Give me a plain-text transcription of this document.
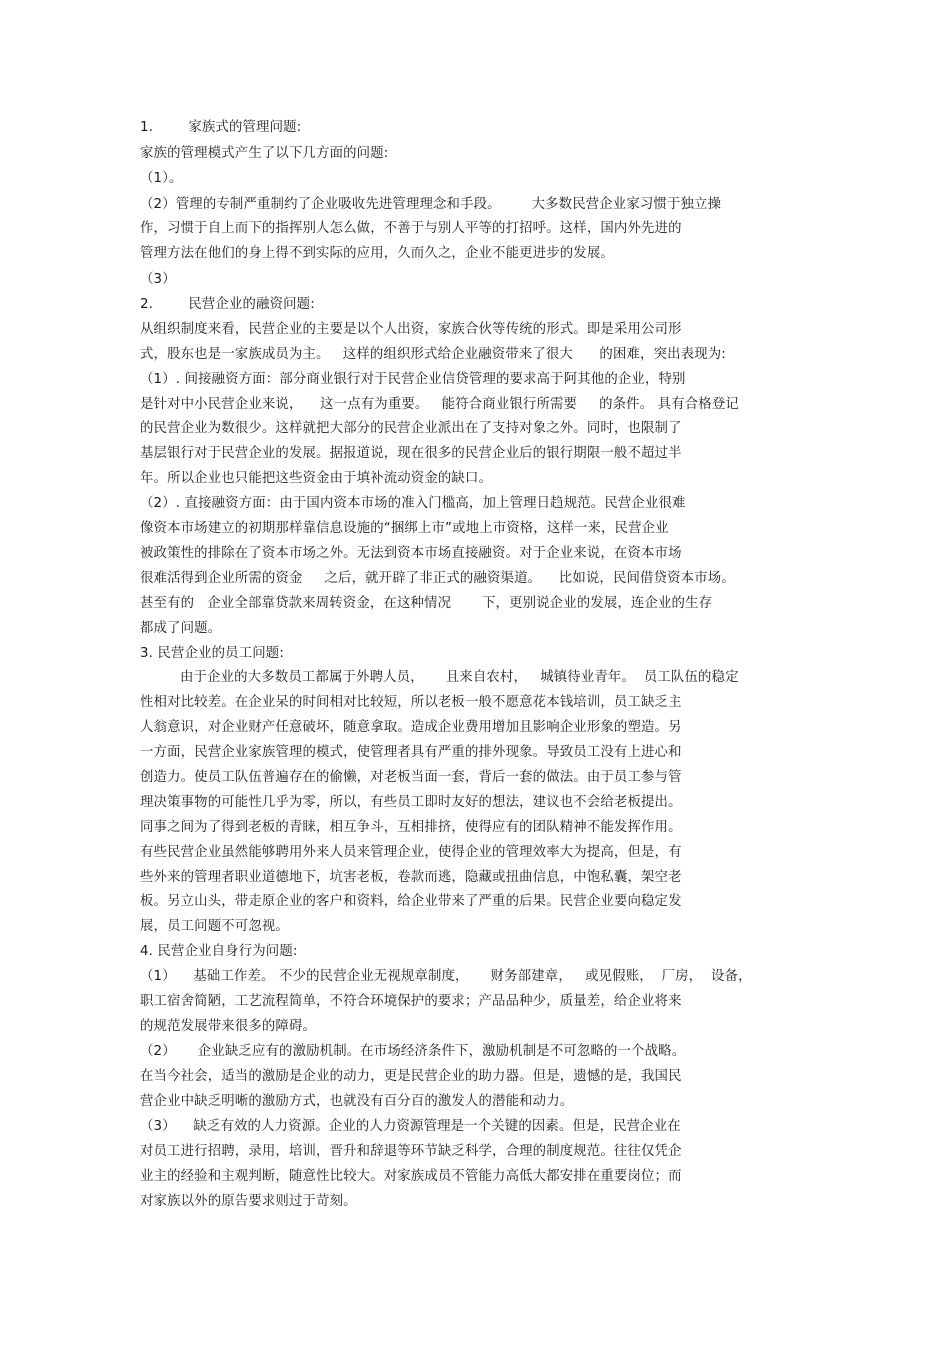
1.        家族式的管理问题:
家族的管理模式产生了以下几方面的问题:
（1）。
（2）管理的专制严重制约了企业吸收先进管理理念和手段。       大多数民营企业家习惯于独立操
作，习惯于自上而下的指挥别人怎么做，不善于与别人平等的打招呼。这样，国内外先进的
管理方法在他们的身上得不到实际的应用，久而久之，企业不能更进步的发展。
（3）
2.        民营企业的融资问题:
从组织制度来看，民营企业的主要是以个人出资，家族合伙等传统的形式。即是采用公司形
式，股东也是一家族成员为主。   这样的组织形式给企业融资带来了很大      的困难，突出表现为:
（1）. 间接融资方面：部分商业银行对于民营企业信贷管理的要求高于阿其他的企业，特别
是针对中小民营企业来说，    这一点有为重要。   能符合商业银行所需要     的条件。 具有合格登记
的民营企业为数很少。这样就把大部分的民营企业派出在了支持对象之外。同时，也限制了
基层银行对于民营企业的发展。据报道说，现在很多的民营企业后的银行期限一般不超过半
年。所以企业也只能把这些资金由于填补流动资金的缺口。
（2）. 直接融资方面：由于国内资本市场的准入门槛高，加上管理日趋规范。民营企业很难
像资本市场建立的初期那样靠信息设施的“捆绑上市”或地上市资格，这样一来，民营企业
被政策性的排除在了资本市场之外。无法到资本市场直接融资。对于企业来说，在资本市场
很难活得到企业所需的资金     之后，就开辟了非正式的融资渠道。    比如说，民间借贷资本市场。
甚至有的   企业全部靠贷款来周转资金，在这种情况       下，更别说企业的发展，连企业的生存
都成了问题。
3. 民营企业的员工问题:
由于企业的大多数员工都属于外聘人员，     且来自农村，   城镇待业青年。  员工队伍的稳定
性相对比较差。在企业呆的时间相对比较短，所以老板一般不愿意花本钱培训，员工缺乏主
人翁意识，对企业财产任意破坏，随意拿取。造成企业费用增加且影响企业形象的塑造。另
一方面，民营企业家族管理的模式，使管理者具有严重的排外现象。导致员工没有上进心和
创造力。使员工队伍普遍存在的偷懒，对老板当面一套，背后一套的做法。由于员工参与管
理决策事物的可能性几乎为零，所以，有些员工即时友好的想法，建议也不会给老板提出。
同事之间为了得到老板的青睐，相互争斗，互相排挤，使得应有的团队精神不能发挥作用。
有些民营企业虽然能够聘用外来人员来管理企业，使得企业的管理效率大为提高，但是，有
些外来的管理者职业道德地下，坑害老板，卷款而逃，隐藏或扭曲信息，中饱私囊，架空老
板。另立山头，带走原企业的客户和资料，给企业带来了严重的后果。民营企业要向稳定发
展，员工问题不可忽视。
4. 民营企业自身行为问题:
（1）    基础工作差。 不少的民营企业无视规章制度，     财务部建章，   或见假账，  厂房，  设备，
职工宿舍简陋，工艺流程简单，不符合环境保护的要求；产品品种少，质量差，给企业将来
的规范发展带来很多的障碍。
（2）     企业缺乏应有的激励机制。在市场经济条件下，激励机制是不可忽略的一个战略。
在当今社会，适当的激励是企业的动力，更是民营企业的助力器。但是，遗憾的是，我国民
营企业中缺乏明晰的激励方式，也就没有百分百的激发人的潜能和动力。
（3）    缺乏有效的人力资源。企业的人力资源管理是一个关键的因素。但是，民营企业在
对员工进行招聘，录用，培训，晋升和辞退等环节缺乏科学，合理的制度规范。往往仅凭企
业主的经验和主观判断，随意性比较大。对家族成员不管能力高低大都安排在重要岗位；而
对家族以外的原告要求则过于苛刻。
